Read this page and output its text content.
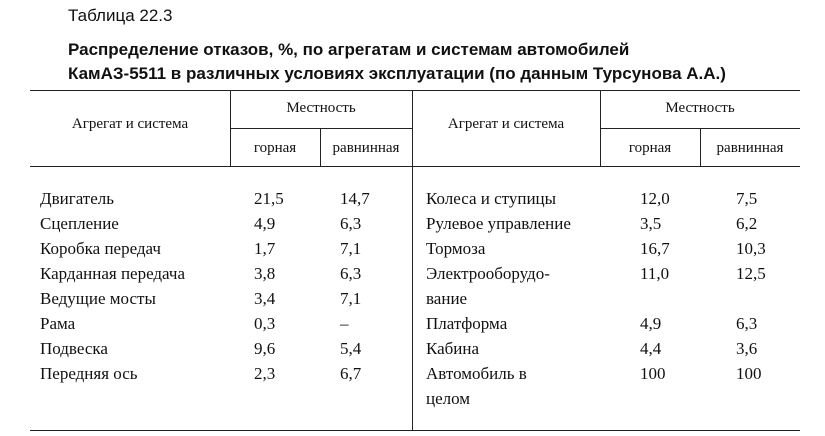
Таблица 22.3
Распределение отказов, %, по агрегатам и системам автомобилей
КамАЗ-5511 в различных условиях эксплуатации (по данным Турсунова А.А.)
Агрегат и система
Местность
горная	равнинная
Агрегат и система
Местность
горная	равнинная
Двигатель	21,5	14,7
Сцепление	4,9	6,3
Коробка передач	1,7	7,1
Карданная передача	3,8	6,3
Ведущие мосты	3,4	7,1
Рама	0,3	–
Подвеска	9,6	5,4
Передняя ось	2,3	6,7
Колеса и ступицы	12,0	7,5
Рулевое управление	3,5	6,2
Тормоза	16,7	10,3
Электрооборудо-	11,0	12,5
вание
Платформа	4,9	6,3
Кабина	4,4	3,6
Автомобиль в	100	100
целом
